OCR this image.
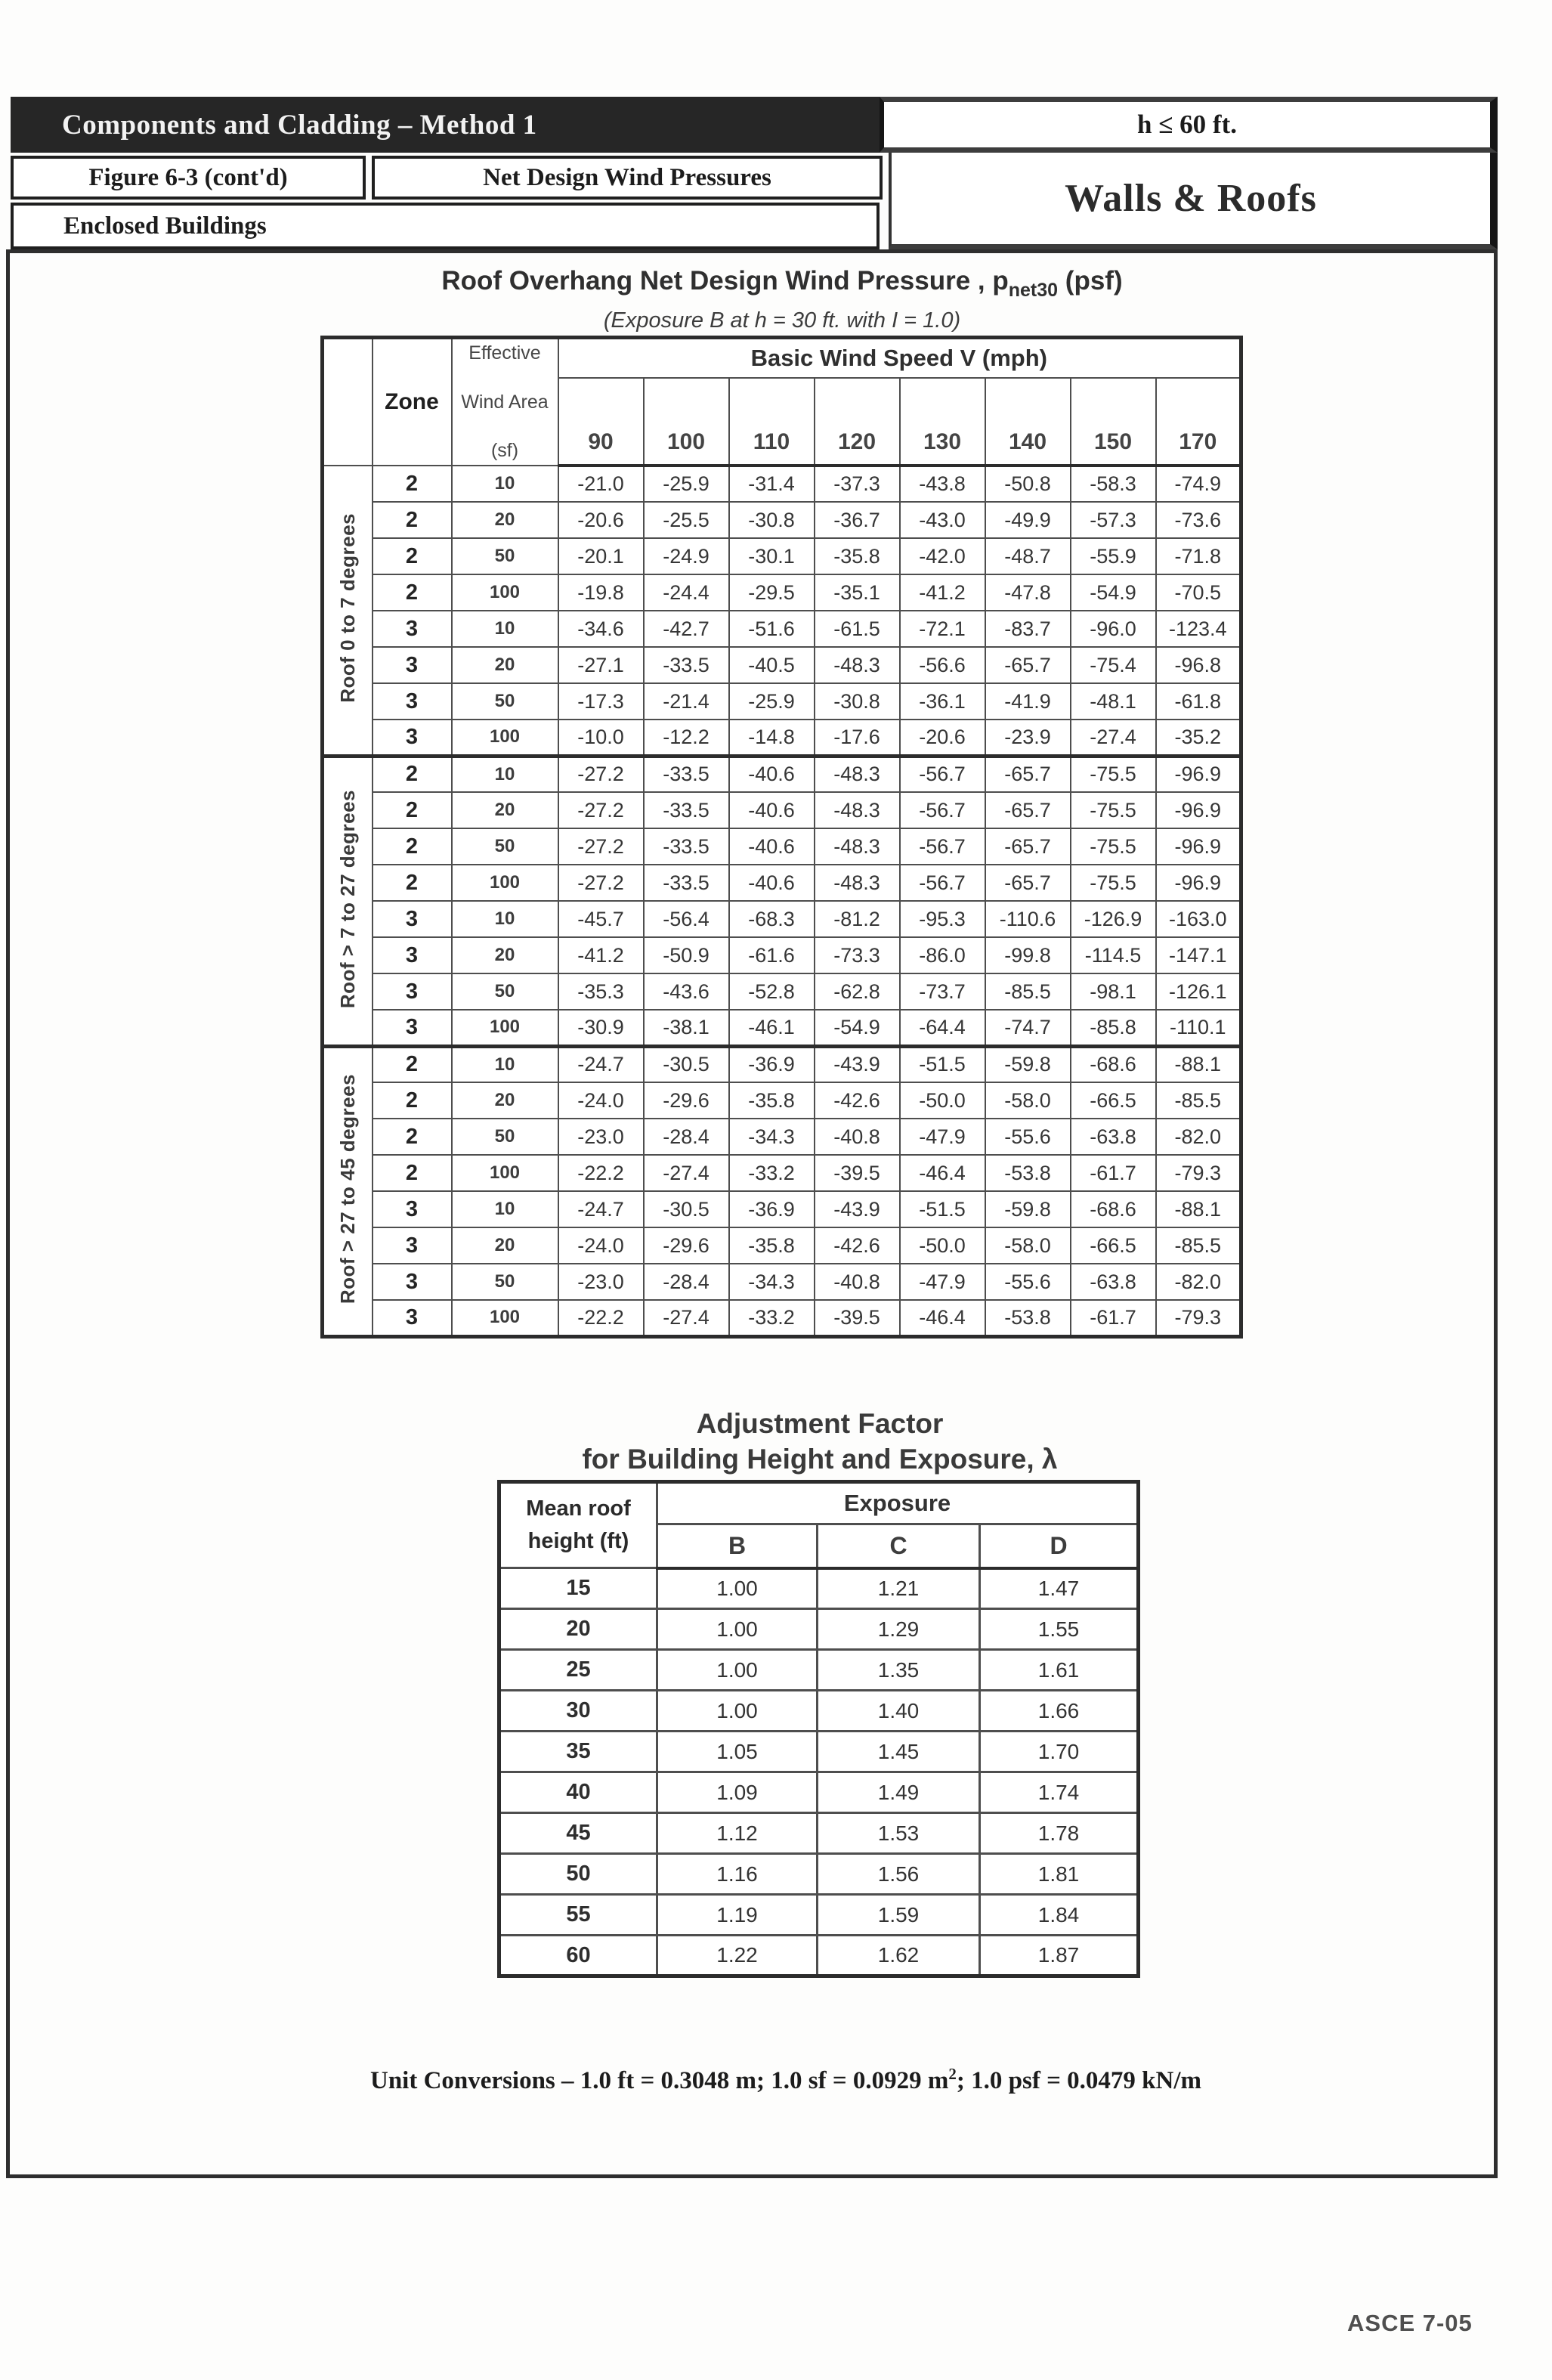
Components and Cladding – Method 1	h ≤ 60 ft.
Figure 6-3 (cont'd)	Net Design Wind Pressures	Walls & Roofs
Enclosed Buildings
Roof Overhang Net Design Wind Pressure , $p_{net30}$ (psf)
(Exposure B at h = 30 ft. with I = 1.0)
	Zone	Effective
Wind Area
(sf)	Basic Wind Speed V (mph)							
			90	100	110	120	130	140	150	170
Roof 0 to 7 degrees	2	10	-21.0	-25.9	-31.4	-37.3	-43.8	-50.8	-58.3	-74.9
	2	20	-20.6	-25.5	-30.8	-36.7	-43.0	-49.9	-57.3	-73.6
	2	50	-20.1	-24.9	-30.1	-35.8	-42.0	-48.7	-55.9	-71.8
	2	100	-19.8	-24.4	-29.5	-35.1	-41.2	-47.8	-54.9	-70.5
	3	10	-34.6	-42.7	-51.6	-61.5	-72.1	-83.7	-96.0	-123.4
	3	20	-27.1	-33.5	-40.5	-48.3	-56.6	-65.7	-75.4	-96.8
	3	50	-17.3	-21.4	-25.9	-30.8	-36.1	-41.9	-48.1	-61.8
	3	100	-10.0	-12.2	-14.8	-17.6	-20.6	-23.9	-27.4	-35.2
Roof > 7 to 27 degrees	2	10	-27.2	-33.5	-40.6	-48.3	-56.7	-65.7	-75.5	-96.9
	2	20	-27.2	-33.5	-40.6	-48.3	-56.7	-65.7	-75.5	-96.9
	2	50	-27.2	-33.5	-40.6	-48.3	-56.7	-65.7	-75.5	-96.9
	2	100	-27.2	-33.5	-40.6	-48.3	-56.7	-65.7	-75.5	-96.9
	3	10	-45.7	-56.4	-68.3	-81.2	-95.3	-110.6	-126.9	-163.0
	3	20	-41.2	-50.9	-61.6	-73.3	-86.0	-99.8	-114.5	-147.1
	3	50	-35.3	-43.6	-52.8	-62.8	-73.7	-85.5	-98.1	-126.1
	3	100	-30.9	-38.1	-46.1	-54.9	-64.4	-74.7	-85.8	-110.1
Roof > 27 to 45 degrees	2	10	-24.7	-30.5	-36.9	-43.9	-51.5	-59.8	-68.6	-88.1
	2	20	-24.0	-29.6	-35.8	-42.6	-50.0	-58.0	-66.5	-85.5
	2	50	-23.0	-28.4	-34.3	-40.8	-47.9	-55.6	-63.8	-82.0
	2	100	-22.2	-27.4	-33.2	-39.5	-46.4	-53.8	-61.7	-79.3
	3	10	-24.7	-30.5	-36.9	-43.9	-51.5	-59.8	-68.6	-88.1
	3	20	-24.0	-29.6	-35.8	-42.6	-50.0	-58.0	-66.5	-85.5
	3	50	-23.0	-28.4	-34.3	-40.8	-47.9	-55.6	-63.8	-82.0
	3	100	-22.2	-27.4	-33.2	-39.5	-46.4	-53.8	-61.7	-79.3
Adjustment Factor
for Building Height and Exposure, λ
Mean roof
height (ft)	Exposure		
	B	C	D
15	1.00	1.21	1.47
20	1.00	1.29	1.55
25	1.00	1.35	1.61
30	1.00	1.40	1.66
35	1.05	1.45	1.70
40	1.09	1.49	1.74
45	1.12	1.53	1.78
50	1.16	1.56	1.81
55	1.19	1.59	1.84
60	1.22	1.62	1.87
Unit Conversions – 1.0 ft = 0.3048 m; 1.0 sf = 0.0929 $m^2$; 1.0 psf = 0.0479 kN/m
ASCE 7-05
